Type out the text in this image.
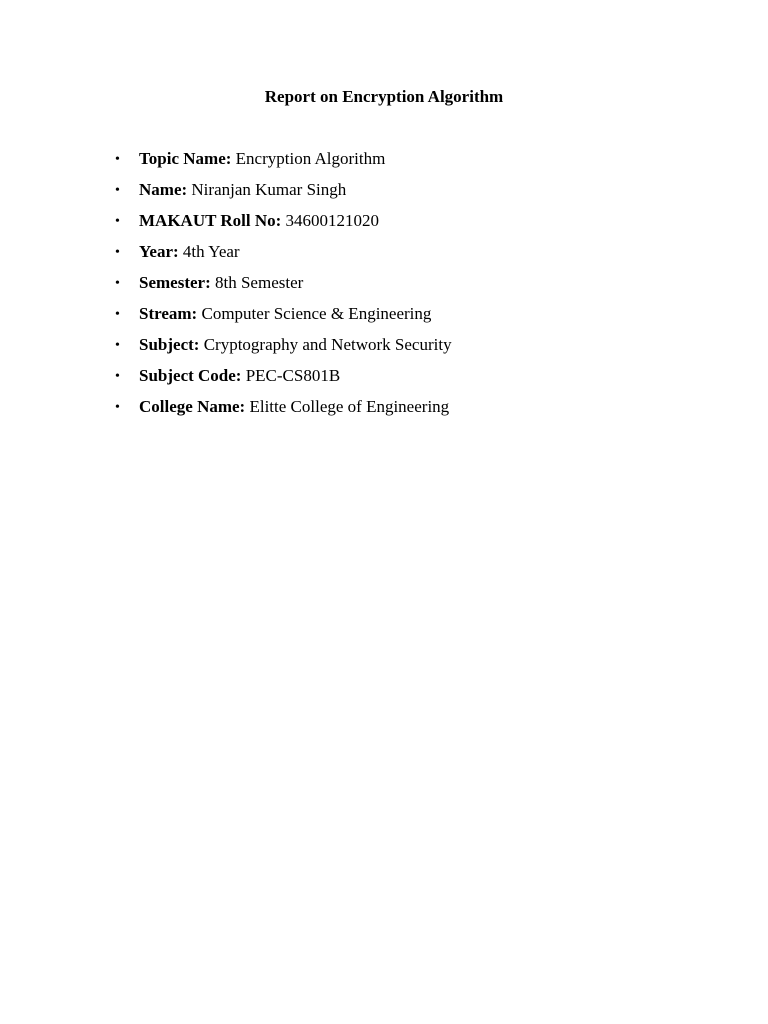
Report on Encryption Algorithm
• Topic Name: Encryption Algorithm
• Name: Niranjan Kumar Singh
• MAKAUT Roll No: 34600121020
• Year: 4th Year
• Semester: 8th Semester
• Stream: Computer Science & Engineering
• Subject: Cryptography and Network Security
• Subject Code: PEC-CS801B
• College Name: Elitte College of Engineering
